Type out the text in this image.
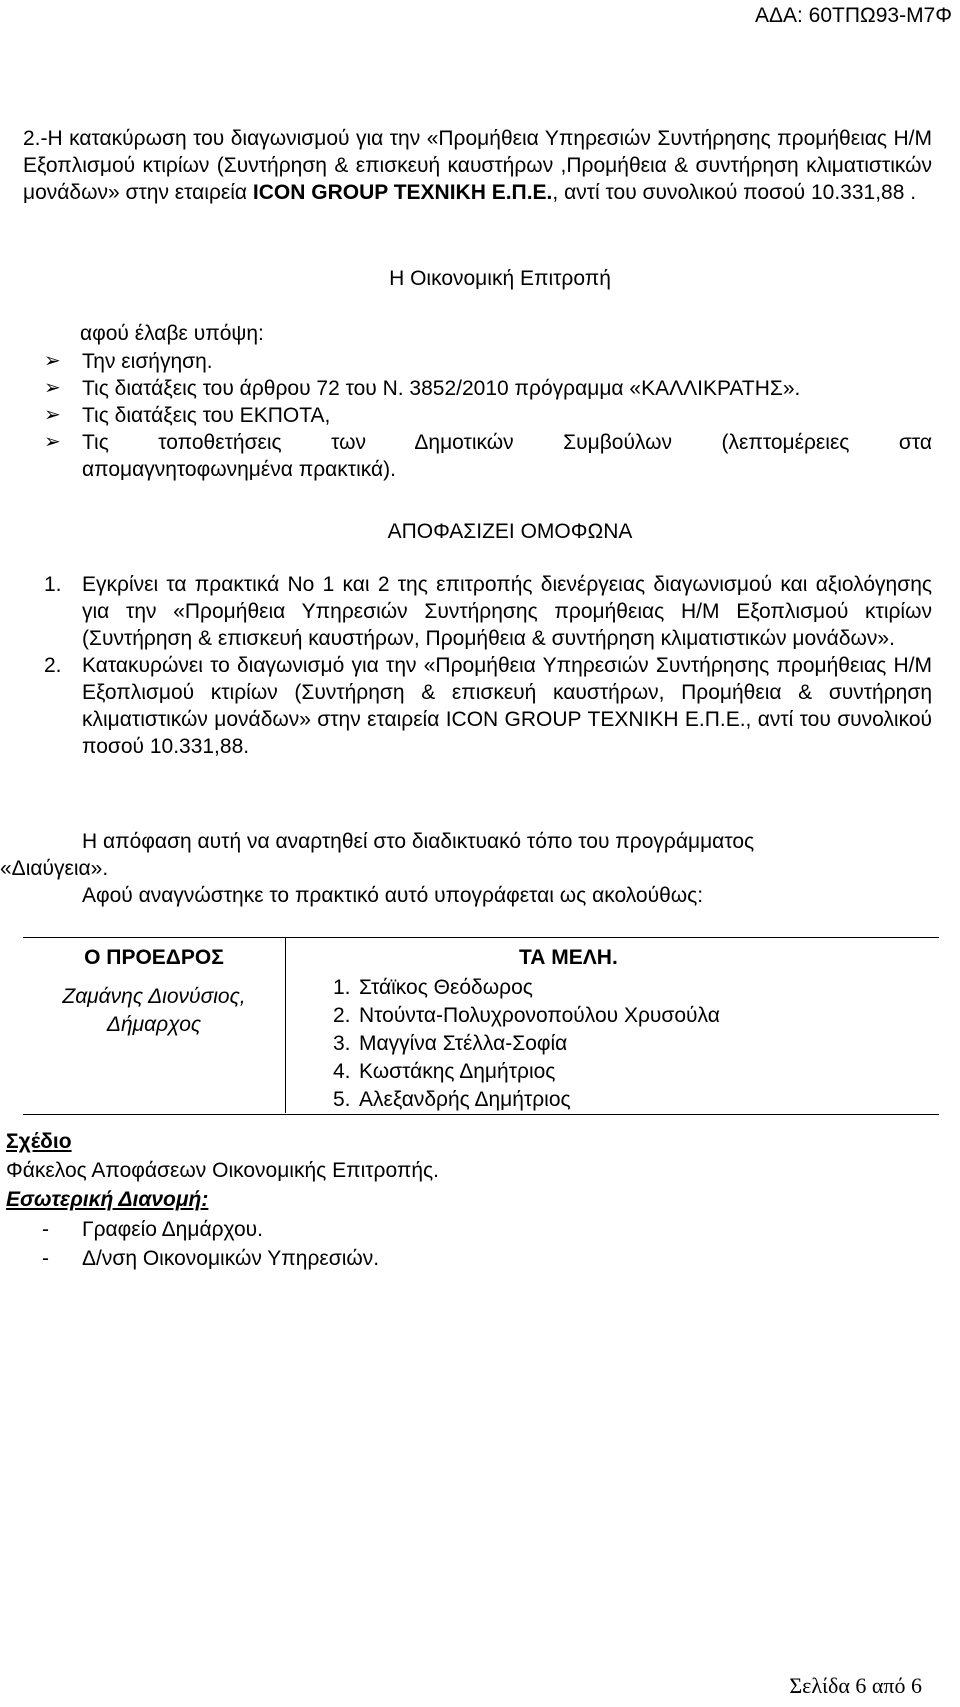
ΑΔΑ: 60ΤΠΩ93-Μ7Φ
2.-Η κατακύρωση του διαγωνισμού για την «Προμήθεια Υπηρεσιών Συντήρησης προμήθειας Η/Μ Εξοπλισμού κτιρίων (Συντήρηση & επισκευή καυστήρων ,Προμήθεια & συντήρηση κλιματιστικών μονάδων» στην εταιρεία ICON GROUP ΤΕΧΝΙΚΗ Ε.Π.Ε., αντί του συνολικού ποσού 10.331,88 .
Η Οικονομική Επιτροπή
αφού έλαβε υπόψη:
➢ Την εισήγηση.
➢ Τις διατάξεις του άρθρου 72 του Ν. 3852/2010 πρόγραμμα «ΚΑΛΛΙΚΡΑΤΗΣ».
➢ Τις διατάξεις του ΕΚΠΟΤΑ,
➢ Τις τοποθετήσεις των Δημοτικών Συμβούλων (λεπτομέρειες στα
απομαγνητοφωνημένα πρακτικά).
ΑΠΟΦΑΣΙΖΕΙ ΟΜΟΦΩΝΑ
1. Εγκρίνει τα πρακτικά Νο 1 και 2 της επιτροπής διενέργειας διαγωνισμού και αξιολόγησης για την «Προμήθεια Υπηρεσιών Συντήρησης προμήθειας Η/Μ Εξοπλισμού κτιρίων (Συντήρηση & επισκευή καυστήρων, Προμήθεια & συντήρηση κλιματιστικών μονάδων».
2. Κατακυρώνει το διαγωνισμό για την «Προμήθεια Υπηρεσιών Συντήρησης προμήθειας Η/Μ Εξοπλισμού κτιρίων (Συντήρηση & επισκευή καυστήρων, Προμήθεια & συντήρηση κλιματιστικών μονάδων» στην εταιρεία ICON GROUP ΤΕΧΝΙΚΗ Ε.Π.Ε., αντί του συνολικού ποσού 10.331,88.
Η απόφαση αυτή να αναρτηθεί στο διαδικτυακό τόπο του προγράμματος
«Διαύγεια».
Αφού αναγνώστηκε το πρακτικό αυτό υπογράφεται ως ακολούθως:
Ο ΠΡΟΕΔΡΟΣ
Ζαμάνης Διονύσιος,
Δήμαρχος
ΤΑ ΜΕΛΗ.
1. Στάϊκος Θεόδωρος
2. Ντούντα-Πολυχρονοπούλου Χρυσούλα
3. Μαγγίνα Στέλλα-Σοφία
4. Κωστάκης Δημήτριος
5. Αλεξανδρής Δημήτριος
Σχέδιο
Φάκελος Αποφάσεων Οικονομικής Επιτροπής.
Εσωτερική Διανομή:
- Γραφείο Δημάρχου.
- Δ/νση Οικονομικών Υπηρεσιών.
Σελίδα 6 από 6
